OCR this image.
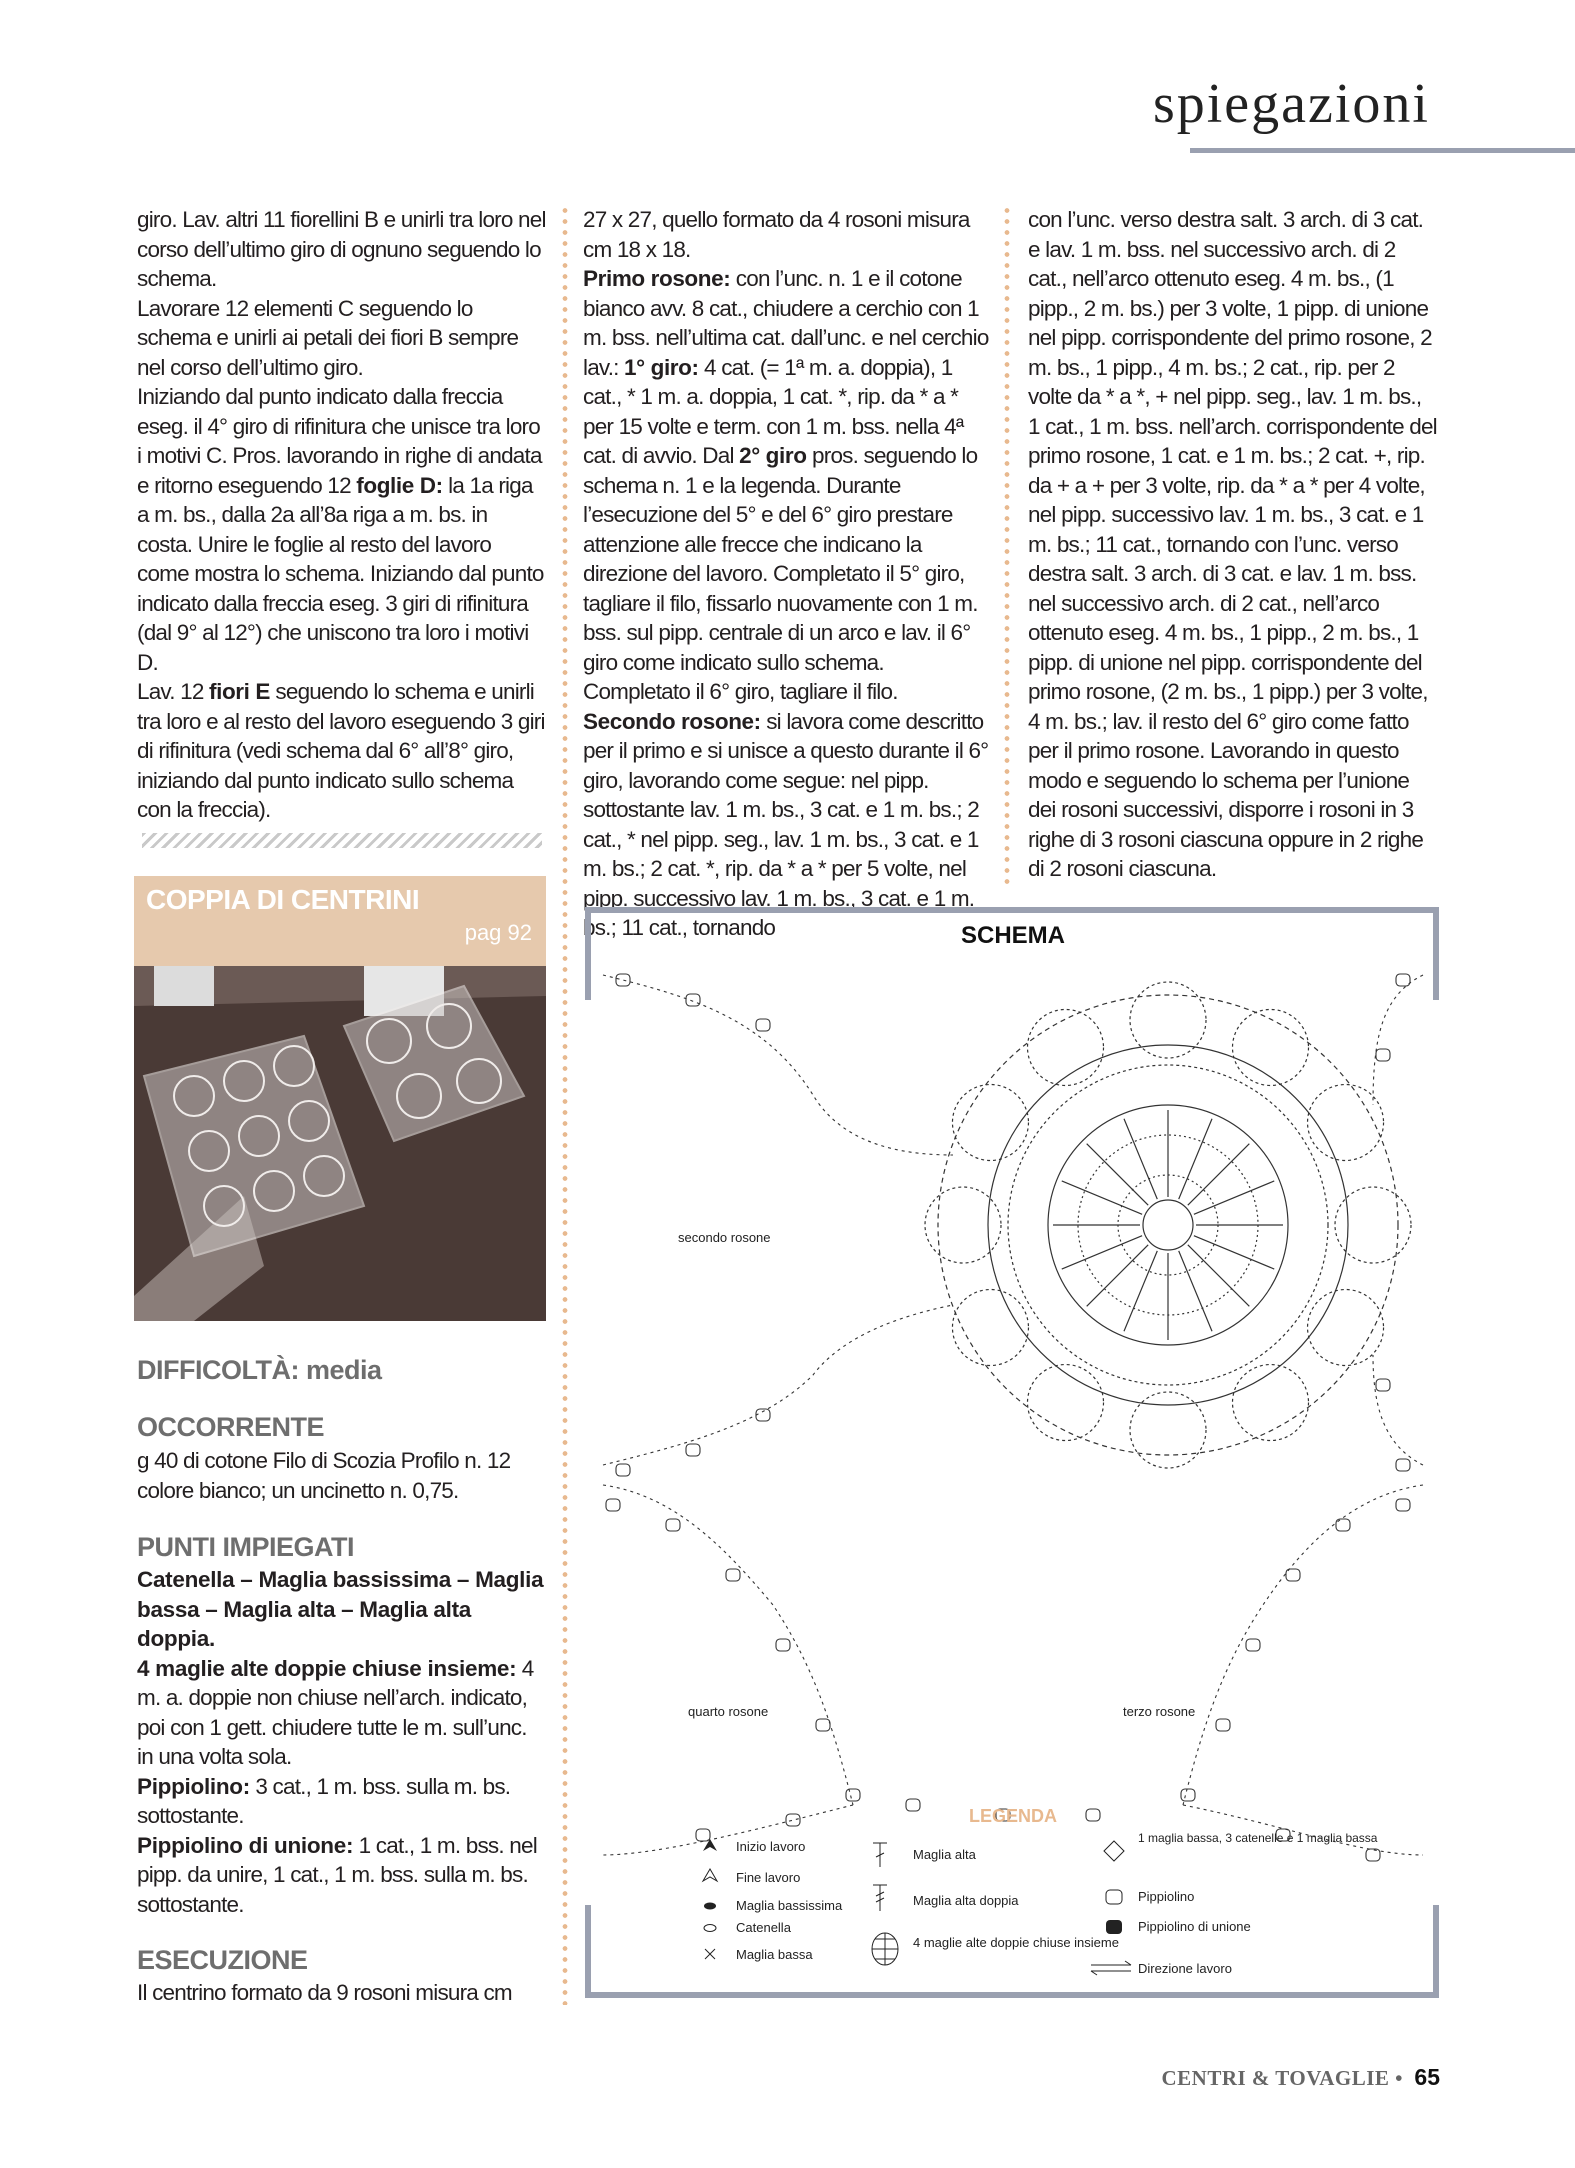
spiegazioni

giro. Lav. altri 11 fiorellini B e unirli tra loro nel corso dell’ultimo giro di ognuno seguendo lo schema.

Lavorare 12 elementi C seguendo lo schema e unirli ai petali dei fiori B sempre nel corso dell’ultimo giro.

Iniziando dal punto indicato dalla freccia eseg. il 4° giro di rifinitura che unisce tra loro i motivi C. Pros. lavorando in righe di andata e ritorno eseguendo 12 foglie D: la 1a riga a m. bs., dalla 2a all’8a riga a m. bs. in costa. Unire le foglie al resto del lavoro come mostra lo schema. Iniziando dal punto indicato dalla freccia eseg. 3 giri di rifinitura (dal 9° al 12°) che uniscono tra loro i motivi D.

Lav. 12 fiori E seguendo lo schema e unirli tra loro e al resto del lavoro eseguendo 3 giri di rifinitura (vedi schema dal 6° all’8° giro, iniziando dal punto indicato sullo schema con la freccia).

27 x 27, quello formato da 4 rosoni misura cm 18 x 18.

Primo rosone: con l’unc. n. 1 e il cotone bianco avv. 8 cat., chiudere a cerchio con 1 m. bss. nell’ultima cat. dall’unc. e nel cerchio lav.: 1° giro: 4 cat. (= 1ª m. a. doppia), 1 cat., * 1 m. a. doppia, 1 cat. *, rip. da * a * per 15 volte e term. con 1 m. bss. nella 4ª cat. di avvio. Dal 2° giro pros. seguendo lo schema n. 1 e la legenda. Durante l’esecuzione del 5° e del 6° giro prestare attenzione alle frecce che indicano la direzione del lavoro. Completato il 5° giro, tagliare il filo, fissarlo nuovamente con 1 m. bss. sul pipp. centrale di un arco e lav. il 6° giro come indicato sullo schema. Completato il 6° giro, tagliare il filo.

Secondo rosone: si lavora come descritto per il primo e si unisce a questo durante il 6° giro, lavorando come segue: nel pipp. sottostante lav. 1 m. bs., 3 cat. e 1 m. bs.; 2 cat., * nel pipp. seg., lav. 1 m. bs., 3 cat. e 1 m. bs.; 2 cat. *, rip. da * a * per 5 volte, nel pipp. successivo lav. 1 m. bs., 3 cat. e 1 m. bs.; 11 cat., tornando

con l’unc. verso destra salt. 3 arch. di 3 cat. e lav. 1 m. bss. nel successivo arch. di 2 cat., nell’arco ottenuto eseg. 4 m. bs., (1 pipp., 2 m. bs.) per 3 volte, 1 pipp. di unione nel pipp. corrispondente del primo rosone, 2 m. bs., 1 pipp., 4 m. bs.; 2 cat., rip. per 2 volte da * a *, + nel pipp. seg., lav. 1 m. bs., 1 cat., 1 m. bss. nell’arch. corrispondente del primo rosone, 1 cat. e 1 m. bs.; 2 cat. +, rip. da + a + per 3 volte, rip. da * a * per 4 volte, nel pipp. successivo lav. 1 m. bs., 3 cat. e 1 m. bs.; 11 cat., tornando con l’unc. verso destra salt. 3 arch. di 3 cat. e lav. 1 m. bss. nel successivo arch. di 2 cat., nell’arco ottenuto eseg. 4 m. bs., 1 pipp., 2 m. bs., 1 pipp. di unione nel pipp. corrispondente del primo rosone, (2 m. bs., 1 pipp.) per 3 volte, 4 m. bs.; lav. il resto del 6° giro come fatto per il primo rosone. Lavorando in questo modo e seguendo lo schema per l’unione dei rosoni successivi, disporre i rosoni in 3 righe di 3 rosoni ciascuna oppure in 2 righe di 2 rosoni ciascuna.

COPPIA DI CENTRINI
pag 92
DIFFICOLTÀ: media
OCCORRENTE
g 40 di cotone Filo di Scozia Profilo n. 12 colore bianco; un uncinetto n. 0,75.
PUNTI IMPIEGATI

Catenella – Maglia bassissima – Maglia bassa – Maglia alta – Maglia alta doppia.

4 maglie alte doppie chiuse insieme: 4 m. a. doppie non chiuse nell’arch. indicato, poi con 1 gett. chiudere tutte le m. sull’unc. in una volta sola.

Pippiolino: 3 cat., 1 m. bss. sulla m. bs. sottostante.

Pippiolino di unione: 1 cat., 1 m. bss. nel pipp. da unire, 1 cat., 1 m. bss. sulla m. bs. sottostante.

ESECUZIONE
Il centrino formato da 9 rosoni misura cm
SCHEMA
secondo rosone
quarto rosone	terzo rosone
LEGENDA
Inizio lavoro
Fine lavoro
Maglia bassissima
Catenella
Maglia bassa
Maglia alta
Maglia alta doppia
4 maglie alte doppie chiuse insieme
1 maglia bassa, 3 catenelle e 1 maglia bassa
Pippiolino
Pippiolino di unione
Direzione lavoro
CENTRI & TOVAGLIE • 65
